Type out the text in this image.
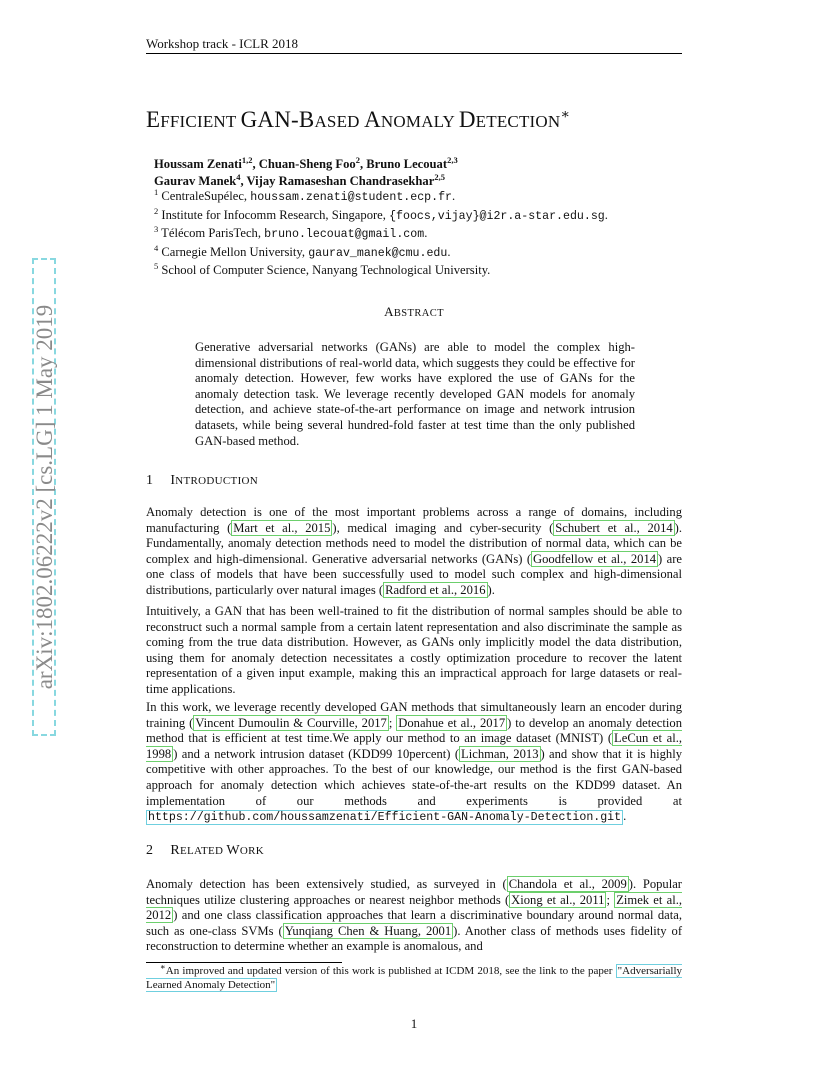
Workshop track - ICLR 2018
arXiv:1802.06222v2 [cs.LG] 1 May 2019
EFFICIENT GAN-BASED ANOMALY DETECTION∗
Houssam Zenati$^{1,2}$, Chuan-Sheng Foo$^2$, Bruno Lecouat$^{2,3}$
Gaurav Manek$^4$, Vijay Ramaseshan Chandrasekhar$^{2,5}$
$^1$ CentraleSupélec, houssam.zenati@student.ecp.fr.
$^2$ Institute for Infocomm Research, Singapore, {foocs,vijay}@i2r.a-star.edu.sg.
$^3$ Télécom ParisTech, bruno.lecouat@gmail.com.
$^4$ Carnegie Mellon University, gaurav_manek@cmu.edu.
$^5$ School of Computer Science, Nanyang Technological University.
ABSTRACT
Generative adversarial networks (GANs) are able to model the complex high-dimensional distributions of real-world data, which suggests they could be effective for anomaly detection. However, few works have explored the use of GANs for the anomaly detection task. We leverage recently developed GAN models for anomaly detection, and achieve state-of-the-art performance on image and network intrusion datasets, while being several hundred-fold faster at test time than the only published GAN-based method.
1 INTRODUCTION
Anomaly detection is one of the most important problems across a range of domains, including manufacturing ( Mart et al., 2015 ), medical imaging and cyber-security ( Schubert et al., 2014 ). Fundamentally, anomaly detection methods need to model the distribution of normal data, which can be complex and high-dimensional. Generative adversarial networks (GANs) ( Goodfellow et al., 2014 ) are one class of models that have been successfully used to model such complex and high-dimensional distributions, particularly over natural images ( Radford et al., 2016 ).
Intuitively, a GAN that has been well-trained to fit the distribution of normal samples should be able to reconstruct such a normal sample from a certain latent representation and also discriminate the sample as coming from the true data distribution. However, as GANs only implicitly model the data distribution, using them for anomaly detection necessitates a costly optimization procedure to recover the latent representation of a given input example, making this an impractical approach for large datasets or real-time applications.
In this work, we leverage recently developed GAN methods that simultaneously learn an encoder during training ( Vincent Dumoulin & Courville, 2017 ; Donahue et al., 2017 ) to develop an anomaly detection method that is efficient at test time.We apply our method to an image dataset (MNIST) ( LeCun et al., 1998 ) and a network intrusion dataset (KDD99 10percent) ( Lichman, 2013 ) and show that it is highly competitive with other approaches. To the best of our knowledge, our method is the first GAN-based approach for anomaly detection which achieves state-of-the-art results on the KDD99 dataset. An implementation of our methods and experiments is provided at https://github.com/houssamzenati/Efficient-GAN-Anomaly-Detection.git .
2 RELATED WORK
Anomaly detection has been extensively studied, as surveyed in ( Chandola et al., 2009 ). Popular techniques utilize clustering approaches or nearest neighbor methods ( Xiong et al., 2011 ; Zimek et al., 2012 ) and one class classification approaches that learn a discriminative boundary around normal data, such as one-class SVMs ( Yunqiang Chen & Huang, 2001 ). Another class of methods uses fidelity of reconstruction to determine whether an example is anomalous, and
∗An improved and updated version of this work is published at ICDM 2018, see the link to the paper "Adversarially Learned Anomaly Detection"
1
